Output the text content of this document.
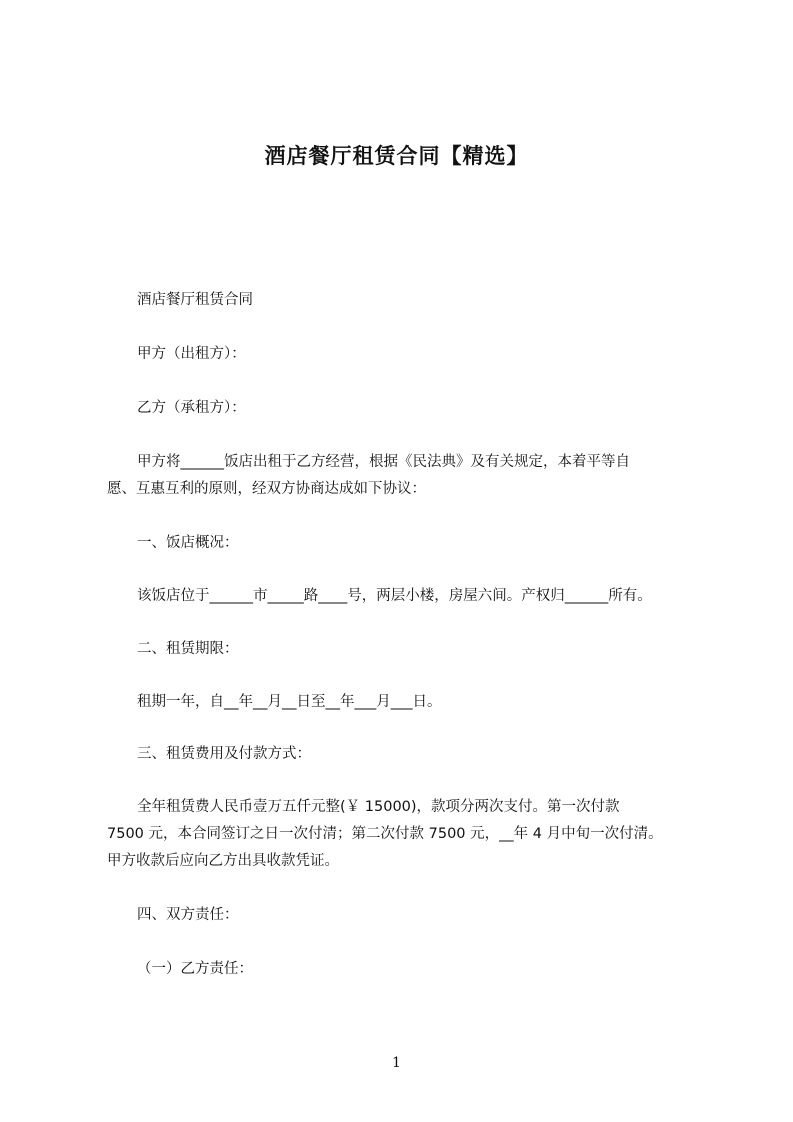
酒店餐厅租赁合同【精选】
酒店餐厅租赁合同
甲方（出租方）：
乙方（承租方）：
甲方将______饭店出租于乙方经营，根据《民法典》及有关规定，本着平等自
愿、互惠互利的原则，经双方协商达成如下协议：
一、饭店概况：
该饭店位于______市_____路____号，两层小楼，房屋六间。产权归______所有。
二、租赁期限：
租期一年，自__年__月__日至__年___月___日。
三、租赁费用及付款方式：
全年租赁费人民币壹万五仟元整(￥ 15000)，款项分两次支付。第一次付款
7500 元，本合同签订之日一次付清；第二次付款 7500 元，__年 4 月中旬一次付清。
甲方收款后应向乙方出具收款凭证。
四、双方责任：
（一）乙方责任：
1
